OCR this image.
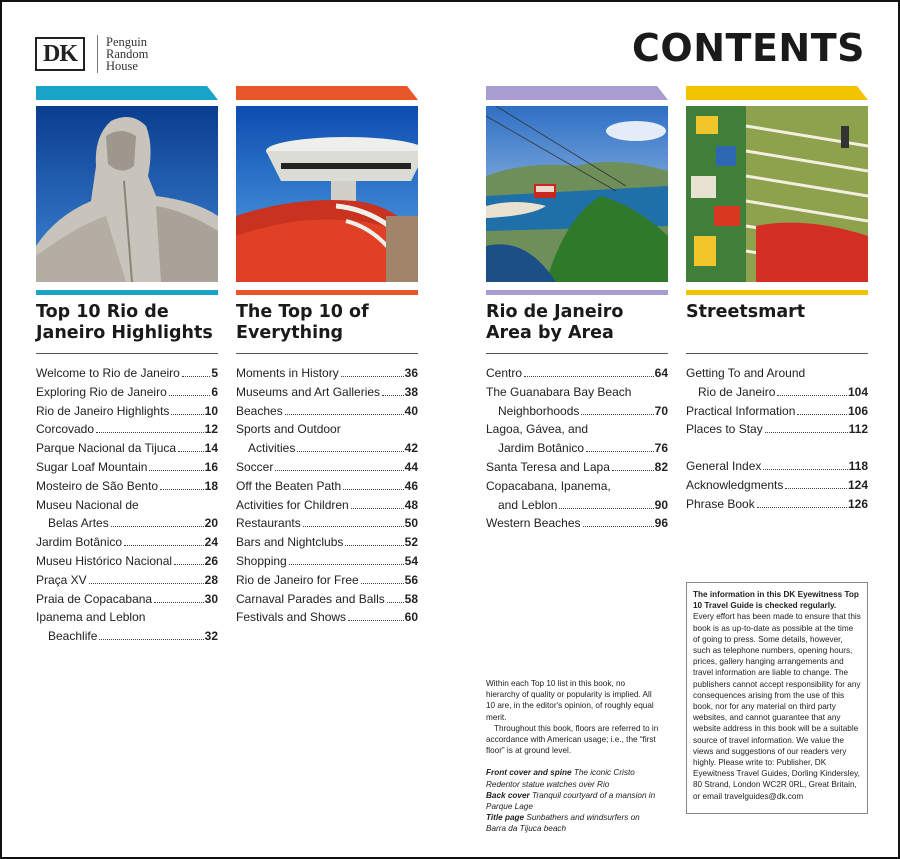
DK	Penguin
Random
House	CONTENTS
Top 10 Rio de Janeiro Highlights
Welcome to Rio de Janeiro	5
Exploring Rio de Janeiro	6
Rio de Janeiro Highlights	10
Corcovado	12
Parque Nacional da Tijuca 14
Sugar Loaf Mountain	16
Mosteiro de São Bento	18
Museu Nacional de
Belas Artes	20
Jardim Botânico	24
Museu Histórico Nacional	26
Praça XV	28
Praia de Copacabana	30
Ipanema and Leblon
Beachlife	32
The Top 10 of Everything
Moments in History	36
Museums and Art Galleries 38
Beaches	40
Sports and Outdoor
Activities	42
Soccer	44
Off the Beaten Path	46
Activities for Children	48
Restaurants	50
Bars and Nightclubs	52
Shopping	54
Rio de Janeiro for Free	56
Carnaval Parades and Balls 58
Festivals and Shows	60
Rio de Janeiro Area by Area
Centro	64
The Guanabara Bay Beach
Neighborhoods	70
Lagoa, Gávea, and
Jardim Botânico	76
Santa Teresa and Lapa	82
Copacabana, Ipanema,
and Leblon	90
Western Beaches	96
Streetsmart
Getting To and Around
Rio de Janeiro	104
Practical Information	106
Places to Stay	112
General Index	118
Acknowledgments	124
Phrase Book	126

Within each Top 10 list in this book, no hierarchy of quality or popularity is implied. All 10 are, in the editor's opinion, of roughly equal merit.

Throughout this book, floors are referred to in accordance with American usage; i.e., the “first floor” is at ground level.

Front cover and spine The iconic Cristo Redentor statue watches over Rio

Back cover Tranquil courtyard of a mansion in Parque Lage

Title page Sunbathers and windsurfers on Barra da Tijuca beach

The information in this DK Eyewitness Top 10 Travel Guide is checked regularly.
Every effort has been made to ensure that this book is as up-to-date as possible at the time of going to press. Some details, however, such as telephone numbers, opening hours, prices, gallery hanging arrangements and travel information are liable to change. The publishers cannot accept responsibility for any consequences arising from the use of this book, nor for any material on third party websites, and cannot guarantee that any website address in this book will be a suitable source of travel information. We value the views and suggestions of our readers very highly. Please write to: Publisher, DK Eyewitness Travel Guides, Dorling Kindersley, 80 Strand, London WC2R 0RL, Great Britain, or email travelguides@dk.com
